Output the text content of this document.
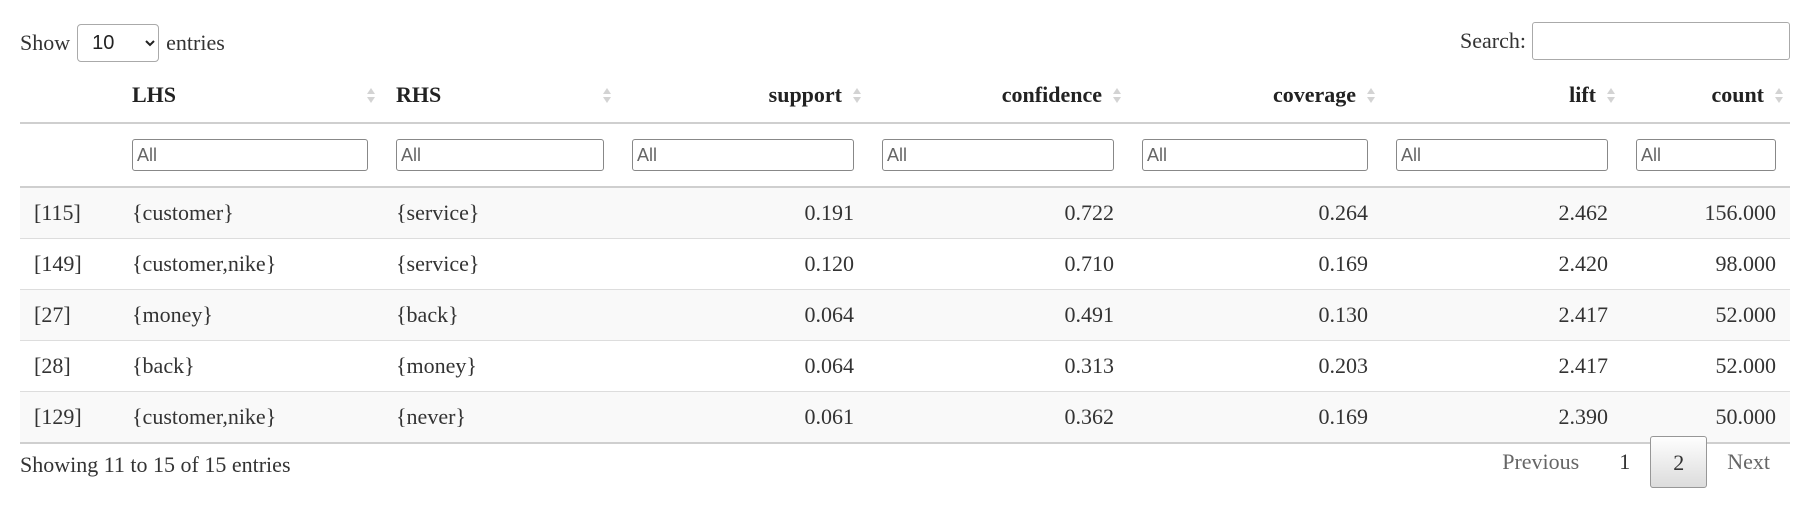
Show
10	entries	Search:
	LHS	RHS	support	confidence	coverage	lift	count

	All	All	All	All	All	All	All
[115]	{customer}	{service}	0.191	0.722	0.264	2.462	156.000
[149]	{customer,nike}	{service}	0.120	0.710	0.169	2.420	98.000
[27]	{money}	{back}	0.064	0.491	0.130	2.417	52.000
[28]	{back}	{money}	0.064	0.313	0.203	2.417	52.000
[129]	{customer,nike}	{never}	0.061	0.362	0.169	2.390	50.000
Showing 11 to 15 of 15 entries	Previous	1	2	Next
